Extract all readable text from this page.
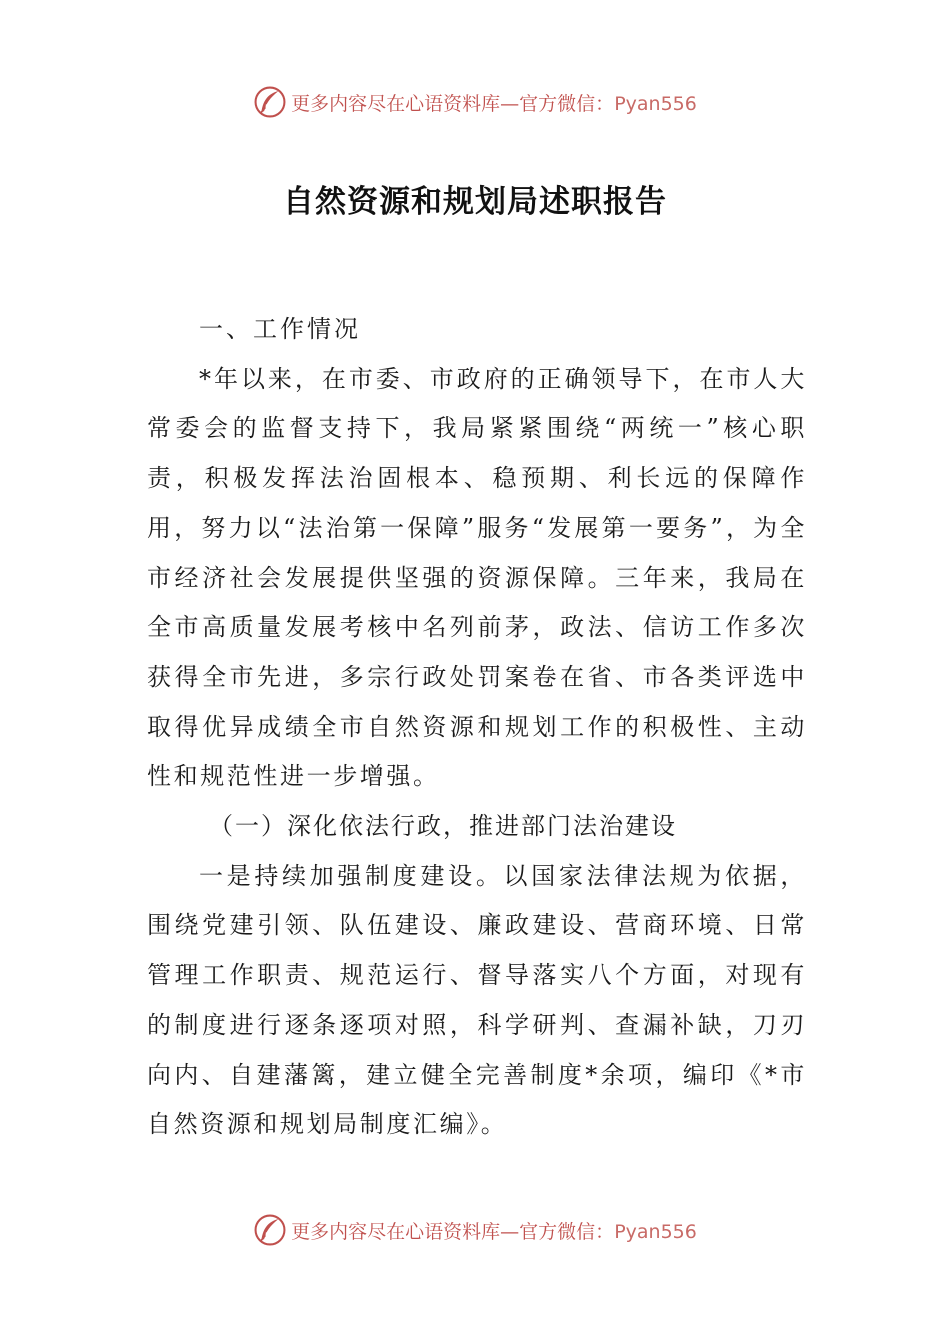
更多内容尽在心语资料库—官方微信：Pyan556
自然资源和规划局述职报告

一、工作情况

*年以来，在市委、市政府的正确领导下，在市人大常委会的监督支持下，我局紧紧围绕“两统一”核心职责，积极发挥法治固根本、稳预期、利长远的保障作用，努力以“法治第一保障”服务“发展第一要务”，为全市经济社会发展提供坚强的资源保障。三年来，我局在全市高质量发展考核中名列前茅，政法、信访工作多次获得全市先进，多宗行政处罚案卷在省、市各类评选中取得优异成绩全市自然资源和规划工作的积极性、主动性和规范性进一步增强。

（一）深化依法行政，推进部门法治建设

一是持续加强制度建设。以国家法律法规为依据，围绕党建引领、队伍建设、廉政建设、营商环境、日常管理工作职责、规范运行、督导落实八个方面，对现有的制度进行逐条逐项对照，科学研判、查漏补缺，刀刃向内、自建藩篱，建立健全完善制度*余项，编印《*市自然资源和规划局制度汇编》。

更多内容尽在心语资料库—官方微信：Pyan556
